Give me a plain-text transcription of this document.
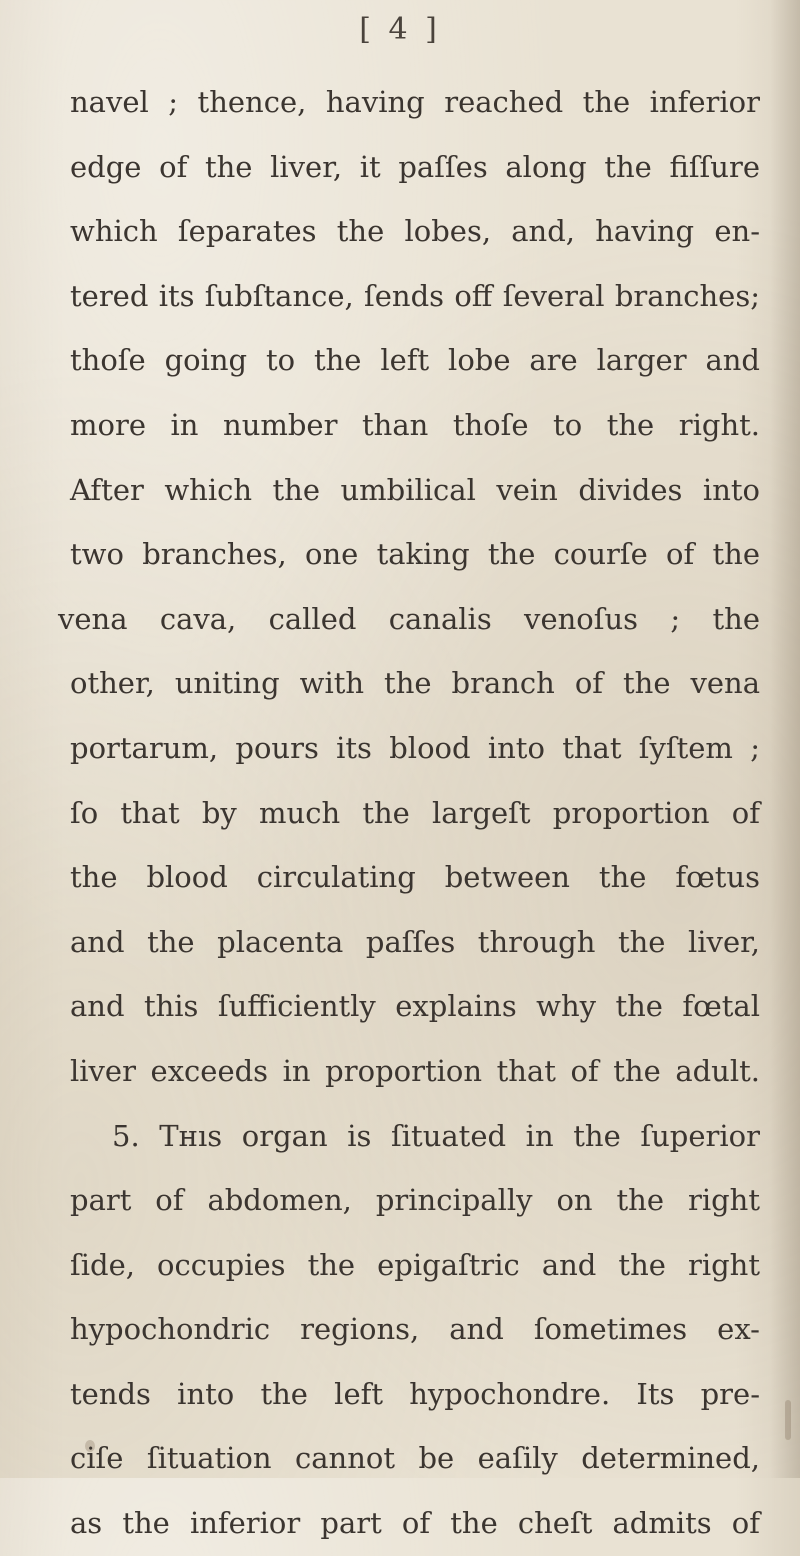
[ 4 ]
navel ; thence, having reached the inferior
edge of the liver, it paſſes along the fiſſure
which ſeparates the lobes, and, having en-
tered its ſubſtance, ſends off ſeveral branches;
thoſe going to the left lobe are larger and
more in number than thoſe to the right.
After which the umbilical vein divides into
two branches, one taking the courſe of the
vena cava, called canalis venoſus ; the
other, uniting with the branch of the vena
portarum, pours its blood into that ſyſtem ;
ſo that by much the largeſt proportion of
the blood circulating between the fœtus
and the placenta paſſes through the liver,
and this ſufficiently explains why the fœtal
liver exceeds in proportion that of the adult.
5. Tнıs organ is ſituated in the ſuperior
part of abdomen, principally on the right
ſide, occupies the epigaſtric and the right
hypochondric regions, and ſometimes ex-
tends into the left hypochondre. Its pre-
ciſe ſituation cannot be eaſily determined,
as the inferior part of the cheſt admits of
